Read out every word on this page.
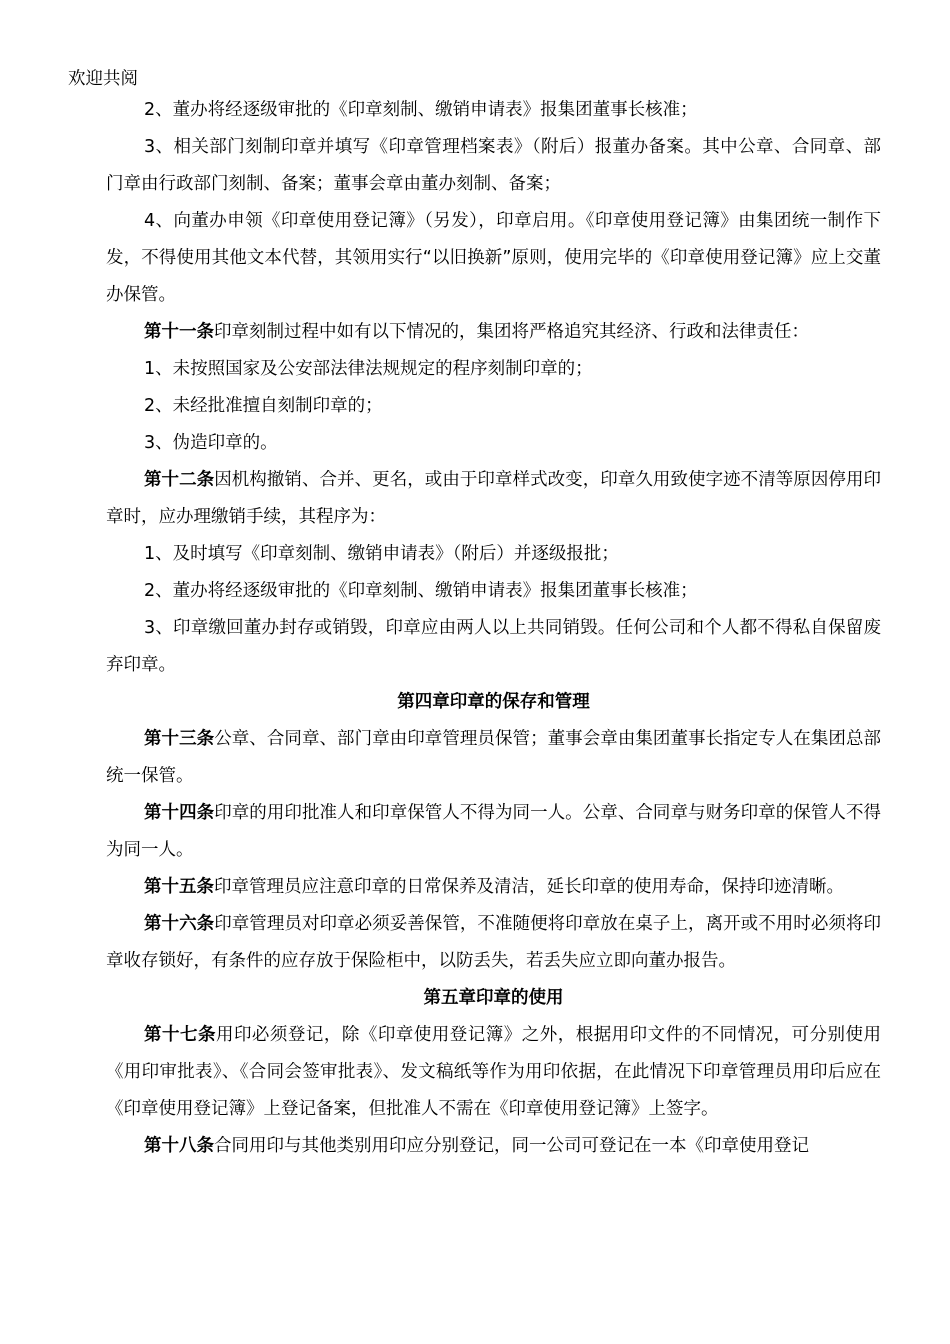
欢迎共阅

2、董办将经逐级审批的《印章刻制、缴销申请表》报集团董事长核准；

3、相关部门刻制印章并填写《印章管理档案表》（附后）报董办备案。其中公章、合同章、部门章由行政部门刻制、备案；董事会章由董办刻制、备案；

4、向董办申领《印章使用登记簿》（另发），印章启用。《印章使用登记簿》由集团统一制作下发，不得使用其他文本代替，其领用实行“以旧换新”原则，使用完毕的《印章使用登记簿》应上交董办保管。

第十一条印章刻制过程中如有以下情况的，集团将严格追究其经济、行政和法律责任：

1、未按照国家及公安部法律法规规定的程序刻制印章的；

2、未经批准擅自刻制印章的；

3、伪造印章的。

第十二条因机构撤销、合并、更名，或由于印章样式改变，印章久用致使字迹不清等原因停用印章时，应办理缴销手续，其程序为：

1、及时填写《印章刻制、缴销申请表》（附后）并逐级报批；

2、董办将经逐级审批的《印章刻制、缴销申请表》报集团董事长核准；

3、印章缴回董办封存或销毁，印章应由两人以上共同销毁。任何公司和个人都不得私自保留废弃印章。

第四章印章的保存和管理

第十三条公章、合同章、部门章由印章管理员保管；董事会章由集团董事长指定专人在集团总部统一保管。

第十四条印章的用印批准人和印章保管人不得为同一人。公章、合同章与财务印章的保管人不得为同一人。

第十五条印章管理员应注意印章的日常保养及清洁，延长印章的使用寿命，保持印迹清晰。

第十六条印章管理员对印章必须妥善保管，不准随便将印章放在桌子上，离开或不用时必须将印章收存锁好，有条件的应存放于保险柜中，以防丢失，若丢失应立即向董办报告。

第五章印章的使用

第十七条用印必须登记，除《印章使用登记簿》之外，根据用印文件的不同情况，可分别使用《用印审批表》、《合同会签审批表》、发文稿纸等作为用印依据，在此情况下印章管理员用印后应在《印章使用登记簿》上登记备案，但批准人不需在《印章使用登记簿》上签字。

第十八条合同用印与其他类别用印应分别登记，同一公司可登记在一本《印章使用登记
